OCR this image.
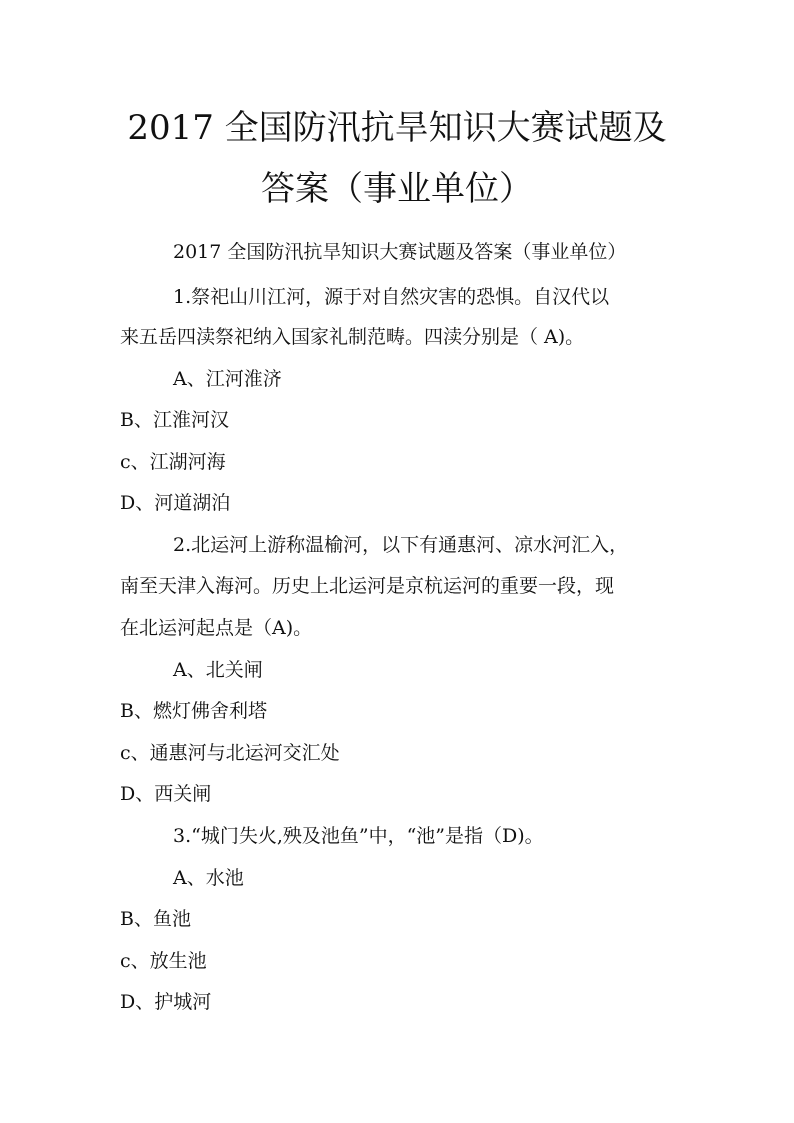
2017 全国防汛抗旱知识大赛试题及
答案（事业单位）
2017 全国防汛抗旱知识大赛试题及答案（事业单位）
1.祭祀山川江河，源于对自然灾害的恐惧。自汉代以
来五岳四渎祭祀纳入国家礼制范畴。四渎分别是（ A)。
A、江河淮济
B、江淮河汉
c、江湖河海
D、河道湖泊
2.北运河上游称温榆河，以下有通惠河、凉水河汇入，
南至天津入海河。历史上北运河是京杭运河的重要一段，现
在北运河起点是（A)。
A、北关闸
B、燃灯佛舍利塔
c、通惠河与北运河交汇处
D、西关闸
3.“城门失火,殃及池鱼”中，“池”是指（D)。
A、水池
B、鱼池
c、放生池
D、护城河
